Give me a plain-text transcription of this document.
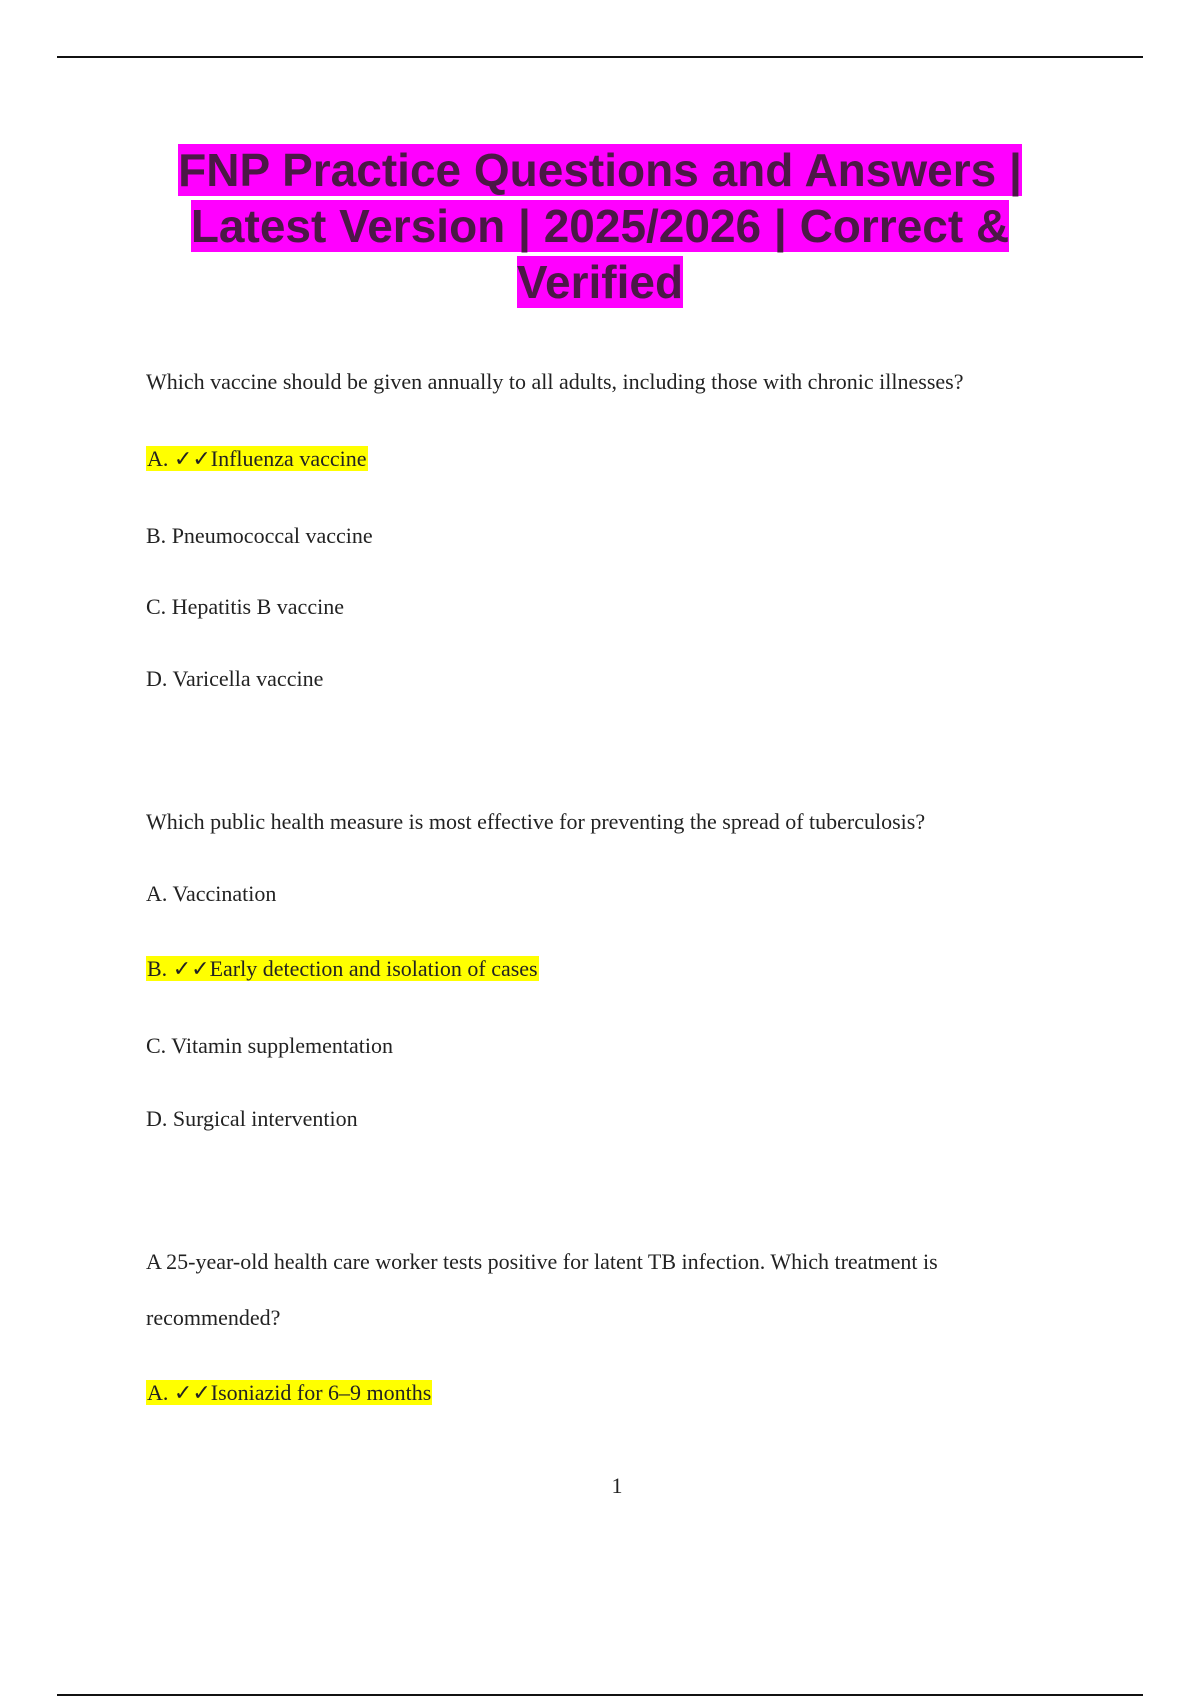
FNP Practice Questions and Answers |
Latest Version | 2025/2026 | Correct &
Verified

Which vaccine should be given annually to all adults, including those with chronic illnesses?

A. ✓✓Influenza vaccine

B. Pneumococcal vaccine

C. Hepatitis B vaccine

D. Varicella vaccine

Which public health measure is most effective for preventing the spread of tuberculosis?

A. Vaccination

B. ✓✓Early detection and isolation of cases

C. Vitamin supplementation

D. Surgical intervention

A 25-year-old health care worker tests positive for latent TB infection. Which treatment is

recommended?

A. ✓✓Isoniazid for 6–9 months

1
